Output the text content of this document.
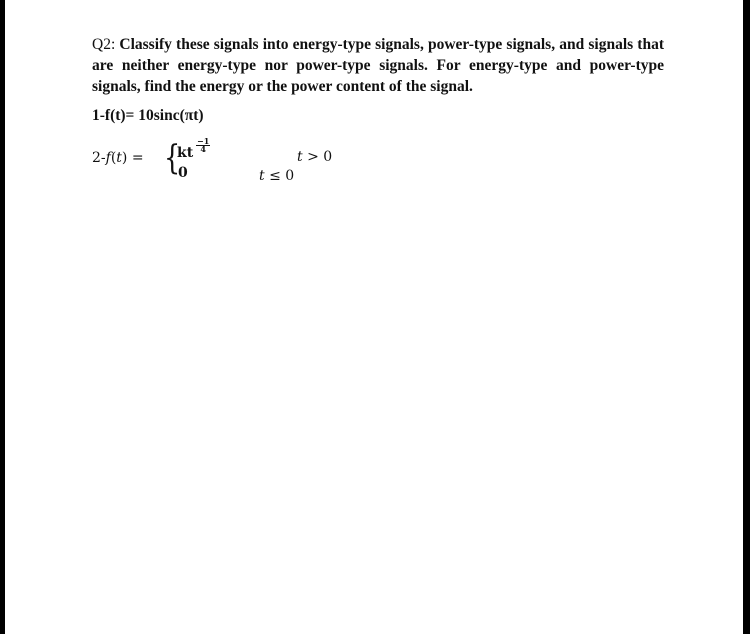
Q2: Classify these signals into energy-type signals, power-type signals, and signals that are neither energy-type nor power-type signals. For energy-type and power-type signals, find the energy or the power content of the signal.

1-f(t)= 10sinc(πt)

2-𝑓(𝑡) = {
kt $\frac{-1}{4}$
0
𝑡 > 0
𝑡 ≤ 0
